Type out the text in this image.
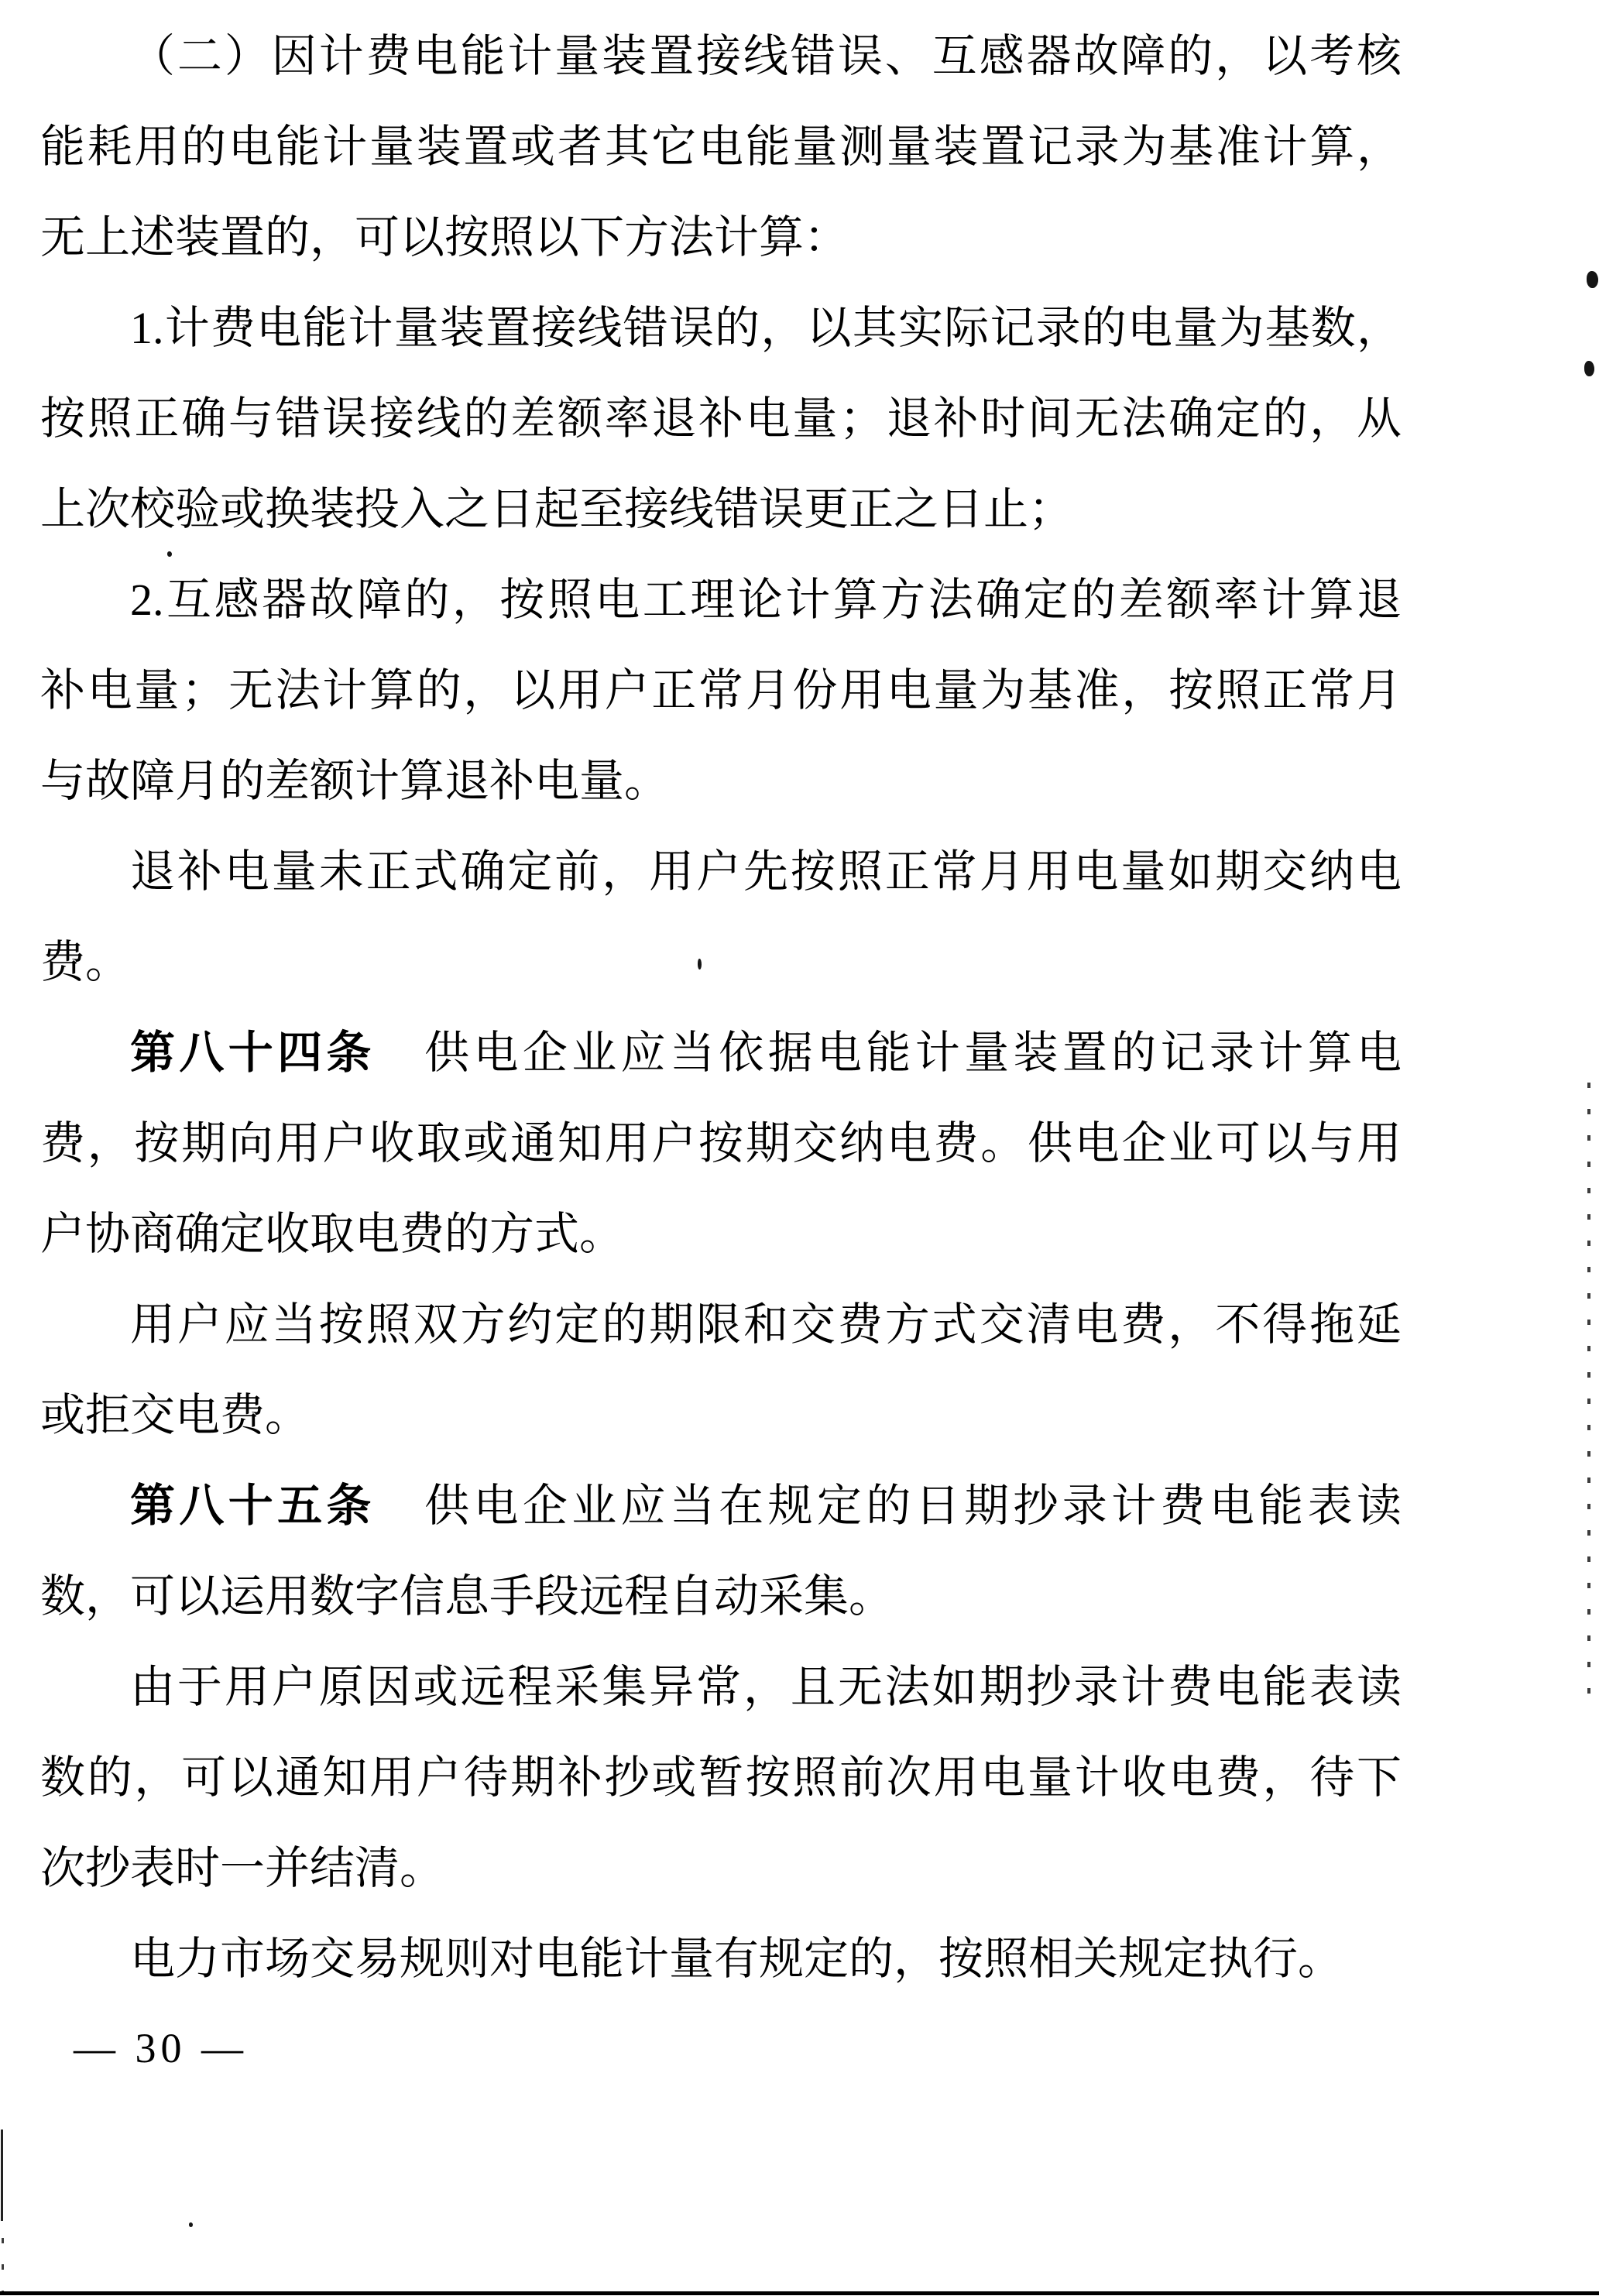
（二）因计费电能计量装置接线错误、互感器故障的，以考核
能耗用的电能计量装置或者其它电能量测量装置记录为基准计算，
无上述装置的，可以按照以下方法计算：
1.计费电能计量装置接线错误的，以其实际记录的电量为基数，
按照正确与错误接线的差额率退补电量；退补时间无法确定的，从
上次校验或换装投入之日起至接线错误更正之日止；
2.互感器故障的，按照电工理论计算方法确定的差额率计算退
补电量；无法计算的，以用户正常月份用电量为基准，按照正常月
与故障月的差额计算退补电量。
退补电量未正式确定前，用户先按照正常月用电量如期交纳电
费。
第八十四条　供电企业应当依据电能计量装置的记录计算电
费，按期向用户收取或通知用户按期交纳电费。供电企业可以与用
户协商确定收取电费的方式。
用户应当按照双方约定的期限和交费方式交清电费，不得拖延
或拒交电费。
第八十五条　供电企业应当在规定的日期抄录计费电能表读
数，可以运用数字信息手段远程自动采集。
由于用户原因或远程采集异常，且无法如期抄录计费电能表读
数的，可以通知用户待期补抄或暂按照前次用电量计收电费，待下
次抄表时一并结清。
电力市场交易规则对电能计量有规定的，按照相关规定执行。
— 30 —
